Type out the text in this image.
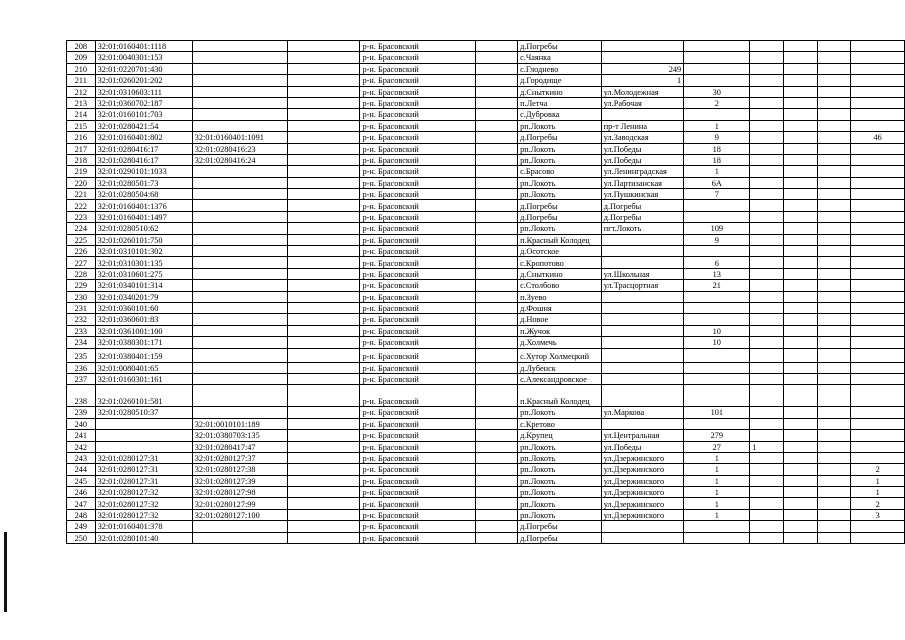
208	32:01:0160401:1118			р-н. Брасовский		д.Погребы						
209	32:01:0040301:153			р-н. Брасовский		с.Чаянка						
210	32:01:0220701:430			р-н. Брасовский		с.Глоднево	249					
211	32:01:0260201:202			р-н. Брасовский		д.Городище	1					
212	32:01:0310603:111			р-н. Брасовский		д.Сныткино	ул.Молодежная	30				
213	32:01:0360702:187			р-н. Брасовский		п.Летча	ул.Рабочая	2				
214	32:01:0160101:703			р-н. Брасовский		с.Дубровка						
215	32:01:0280421:54			р-н. Брасовский		рп.Локоть	пр-т Ленина	1				
216	32:01:0160401:802	32:01:0160401:1091		р-н. Брасовский		д.Погребы	ул.Заводская	9				46
217	32:01:0280416:17	32:01:0280416:23		р-н. Брасовский		рп.Локоть	ул.Победы	18				
218	32:01:0280416:17	32:01:0280416:24		р-н. Брасовский		рп.Локоть	ул.Победы	18				
219	32:01:0290101:1033			р-н. Брасовский		с.Брасово	ул.Ленинградская	1				
220	32:01:0280501:73			р-н. Брасовский		рп.Локоть	ул.Партизанская	6А				
221	32:01:0280504:68			р-н. Брасовский		рп.Локоть	ул.Пушкинская	7				
222	32:01:0160401:1376			р-н. Брасовский		д.Погребы	д.Погребы					
223	32:01:0160401:1497			р-н. Брасовский		д.Погребы	д.Погребы					
224	32:01:0280510:62			р-н. Брасовский		рп.Локоть	пгт.Локоть	109				
225	32:01:0260101:750			р-н. Брасовский		п.Красный Колодец		9				
226	32:01:0310101:302			р-н. Брасовский		д.Осотское						
227	32:01:0310301:135			р-н. Брасовский		с.Кропотово		6				
228	32:01:0310601:275			р-н. Брасовский		д.Сныткино	ул.Школьная	13				
229	32:01:0340101:314			р-н. Брасовский		с.Столбово	ул.Трасцортная	21				
230	32:01:0340201:79			р-н. Брасовский		п.Зуево						
231	32:01:0360101:60			р-н. Брасовский		д.Фошня						
232	32:01:0360601:83			р-н. Брасовский		д.Новое						
233	32:01:0361001:100			р-н. Брасовский		п.Жучок		10				
234	32:01:0380301:171			р-н. Брасовский		д.Холмечь		10				
235	32:01:0380401:159			р-н. Брасовский		с.Хутор Холмецкий						
236	32:01:0080401:65			р-н. Брасовский		д.Лубенск						
237	32:01:0160301:161			р-н. Брасовский		с.Александровское						
238	32:01:0260101:581			р-н. Брасовский		п.Красный Колодец						
239	32:01:0280510:37			р-н. Брасовский		рп.Локоть	ул.Маркова	101				
240		32:01:0010101:189		р-н. Брасовский		с.Кретово						
241		32:01:0380703:135		р-н. Брасовский		д.Крупец	ул.Центральная	279				
242		32:01:0280417:47		р-н. Брасовский		рп.Локоть	ул.Победы	27	1			
243	32:01:0280127:31	32:01:0280127:37		р-н. Брасовский		рп.Локоть	ул.Дзержинского	1				
244	32:01:0280127:31	32:01:0280127:38		р-н. Брасовский		рп.Локоть	ул.Дзержинского	1				2
245	32:01:0280127:31	32:01:0280127:39		р-н. Брасовский		рп.Локоть	ул.Дзержинского	1				1
246	32:01:0280127:32	32:01:0280127:98		р-н. Брасовский		рп.Локоть	ул.Дзержинского	1				1
247	32:01:0280127:32	32:01:0280127:99		р-н. Брасовский		рп.Локоть	ул.Дзержинского	1				2
248	32:01:0280127:32	32:01:0280127:100		р-н. Брасовский		рп.Локоть	ул.Дзержинского	1				3
249	32:01:0160401:378			р-н. Брасовский		д.Погребы						
250	32:01:0280101:40			р-н. Брасовский		д.Погребы						
